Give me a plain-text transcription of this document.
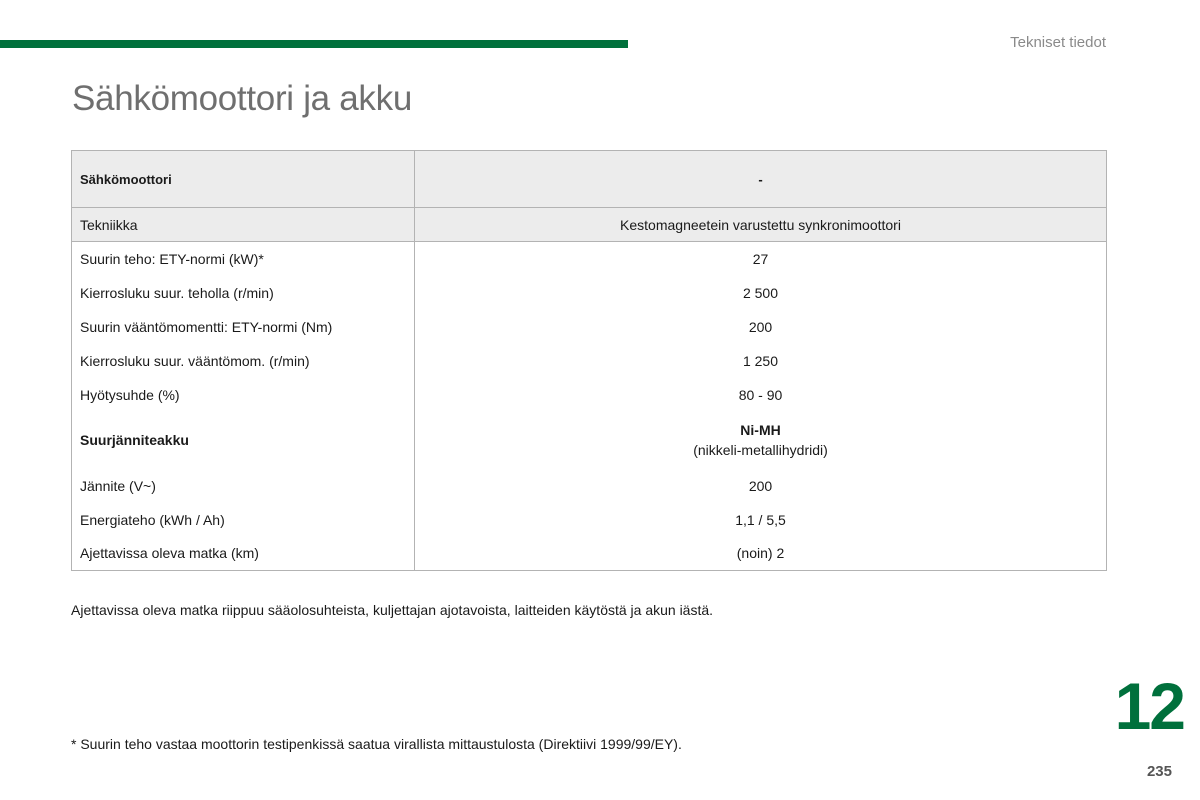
Tekniset tiedot
Sähkömoottori ja akku
Sähkömoottori	-
Tekniikka	Kestomagneetein varustettu synkronimoottori
Suurin teho: ETY-normi (kW)*	27
Kierrosluku suur. teholla (r/min)	2 500
Suurin vääntömomentti: ETY-normi (Nm)	200
Kierrosluku suur. vääntömom. (r/min)	1 250
Hyötysuhde (%)	80 - 90
Suurjänniteakku	Ni-MH
(nikkeli-metallihydridi)

Jännite (V~)	200
Energiateho (kWh / Ah)	1,1 / 5,5
Ajettavissa oleva matka (km)	(noin) 2

Ajettavissa oleva matka riippuu sääolosuhteista, kuljettajan ajotavoista, laitteiden käytöstä ja akun iästä.

* Suurin teho vastaa moottorin testipenkissä saatua virallista mittaustulosta (Direktiivi 1999/99/EY).

12
235
